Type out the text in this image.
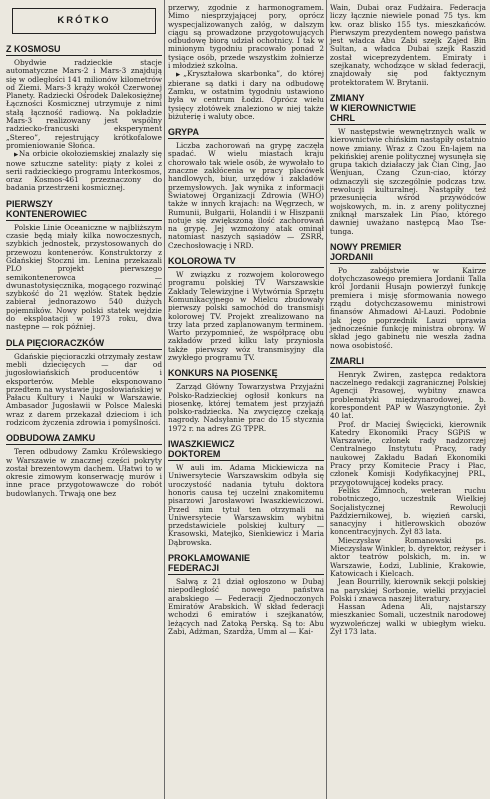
KRÓTKO
Z KOSMOSU

Obydwie radzieckie stacje automatyczne Mars-2 i Mars-3 znajdują się w odległości 141 milionów kilometrów od Ziemi. Mars-3 krąży wokół Czerwonej Planety. Radziecki Ośrodek Dalekosiężnej Łączności Kosmicznej utrzymuje z nimi stałą łączność radiową. Na pokładzie Mars-3 realizowany jest wspólny radziecko-francuski eksperyment „Stereo”, rejestrujący krótkofalowe promieniowanie Słońca.

▶ Na orbicie okołoziemskiej znalazły się nowe sztuczne satelity: piąty z kolei z serii radzieckiego programu Interkosmos, oraz Kosmos-461 przeznaczony do badania przestrzeni kosmicznej.

PIERWSZY
KONTENEROWIEC

Polskie Linie Oceaniczne w najbliższym czasie będą miały kilka nowoczesnych, szybkich jednostek, przystosowanych do przewozu kontenerów. Konstruktorzy z Gdańskiej Stoczni im. Lenina przekazali PLO projekt pierwszego semikontenerowca — dwunastotysięcznika, mogącego rozwinąć szybkość do 21 węzłów. Statek będzie zabierał jednorazowo 540 dużych pojemników. Nowy polski statek wejdzie do eksploatacji w 1973 roku, dwa następne — rok później.

DLA PIĘCIORACZKÓW

Gdańskie pięcioraczki otrzymały zestaw mebli dziecięcych — dar od jugosłowiańskich producentów i eksporterów. Meble eksponowano przedtem na wystawie jugosłowiańskiej w Pałacu Kultury i Nauki w Warszawie. Ambasador Jugosławii w Polsce Maleski wraz z darem przekazał dzieciom i ich rodzicom życzenia zdrowia i pomyślności.

ODBUDOWA ZAMKU

Teren odbudowy Zamku Królewskiego w Warszawie w znacznej części pokryty został brezentowym dachem. Ułatwi to w okresie zimowym konserwację murów i inne prace przygotowawcze do robót budowlanych. Trwają one bez

przerwy, zgodnie z harmonogramem. Mimo niesprzyjającej pory, oprócz wyspecjalizowanych załóg, w dalszym ciągu są prowadzone przygotowujących odbudowę biorą udział ochotnicy. I tak w minionym tygodniu pracowało ponad 2 tysiące osób, przede wszystkim żołnierze i młodzież szkolna.

▶ „Kryształowa skarbonka”, do której zbierane są datki i dary na odbudowę Zamku, w ostatnim tygodniu ustawiono była w centrum Łodzi. Oprócz wielu tysięcy złotówek znaleziono w niej także biżuterię i waluty obce.

GRYPA

Liczba zachorowań na grypę zaczęła spadać. W wielu miastach kraju chorowało tak wiele osób, że wywołało to znaczne zakłócenia w pracy placówek handlowych, biur, urzędów i zakładów przemysłowych. Jak wynika z informacji Światowej Organizacji Zdrowia (WHO) także w innych krajach: na Węgrzech, w Rumunii, Bułgarii, Holandii i w Hiszpanii notuje się zwiększoną ilość zachorowań na grypę. Jej wzmożony atak ominął natomiast naszych sąsiadów — ZSRR, Czechosłowację i NRD.

KOLOROWA TV

W związku z rozwojem kolorowego programu polskiej TV Warszawskie Zakłady Telewizyjne i Wytwórnia Sprzętu Komunikacyjnego w Mielcu zbudowały pierwszy polski samochód do transmisji kolorowej TV. Projekt zrealizowano na trzy lata przed zaplanowanym terminem. Warto przypomnieć, że współpracę obu zakładów przed kilku laty przyniosła także pierwszy wóz transmisyjny dla zwykłego programu TV.

KONKURS NA PIOSENKĘ

Zarząd Główny Towarzystwa Przyjaźni Polsko-Radzieckiej ogłosił konkurs na piosenkę, której tematem jest przyjaźń polsko-radziecka. Na zwycięzcę czekają nagrody. Nadsyłanie prac do 15 stycznia 1972 r. na adres ZG TPPR.

IWASZKIEWICZ
DOKTOREM

W auli im. Adama Mickiewicza na Uniwersytecie Warszawskim odbyła się uroczystość nadania tytułu doktora honoris causa tej uczelni znakomitemu pisarzowi Jarosławowi Iwaszkiewiczowi. Przed nim tytuł ten otrzymali na Uniwersytecie Warszawskim wybitni przedstawiciele polskiej kultury — Krasowski, Matejko, Sienkiewicz i Maria Dąbrowska.

PROKLAMOWANIE
FEDERACJI

Salwą z 21 dział ogłoszono w Dubaj niepodległość nowego państwa arabskiego — Federacji Zjednoczonych Emiratów Arabskich. W skład federacji wchodzi 6 emiratów i szejkanatów, leżących nad Zatoką Perską. Są to: Abu Zabi, Adżman, Szardża, Umm al — Kai-

Wain, Dubai oraz Fudżaira. Federacja liczy łącznie niewiele ponad 75 tys. km kw. oraz blisko 155 tys. mieszkańców. Pierwszym prezydentem nowego państwa jest władca Abu Zabi szejk Zajed Bin Sultan, a władca Dubai szejk Raszid został wiceprezydentem. Emiraty i szejkanaty, wchodzące w skład federacji, znajdowały się pod faktycznym protektoratem W. Brytanii.

ZMIANY
W KIEROWNICTWIE
CHRL

W następstwie wewnętrznych walk w kierownictwie chińskim nastąpiły ostatnio nowe zmiany. Wraz z Czou En-lajem na pekińskiej arenie politycznej wysunęła się grupa takich działaczy jak Cian Cing, Jao Wenjuan, Czang Czun-ciao, którzy odznaczyli się szczególnie podczas tzw. rewolucji kulturalnej. Nastąpiły też przesunięcia wśród przywódców wojskowych, m. in. z areny politycznej zniknął marszałek Lin Piao, którego dawniej uważano następcą Mao Tse-tunga.

NOWY PREMIER
JORDANII

Po zabójstwie w Kairze dotychczasowego premiera Jordanii Talla król Jordanii Husajn powierzył funkcję premiera i misję sformowania nowego rządu dotychczasowemu ministrowi finansów Ahmadowi Al-Lauzi. Podobnie jak jego poprzednik Lauzi uprawia jednocześnie funkcję ministra obrony. W skład jego gabinetu nie weszła żadna nowa osobistość.

ZMARLI

Henryk Zwiren, zastępca redaktora naczelnego redakcji zagranicznej Polskiej Agencji Prasowej, wybitny znawca problematyki międzynarodowej, b. korespondent PAP w Waszyngtonie. Żył 40 lat.

Prof. dr Maciej Święcicki, kierownik Katedry Ekonomiki Pracy SGPiS w Warszawie, członek rady nadzorczej Centralnego Instytutu Pracy, rady naukowej Zakładu Badań Ekonomiki Pracy przy Komitecie Pracy i Płac, członek Komisji Kodyfikacyjnej PRL, przygotowującej kodeks pracy.

Feliks Zimnoch, weteran ruchu robotniczego, uczestnik Wielkiej Socjalistycznej Rewolucji Październikowej, b. więzień carski, sanacyjny i hitlerowskich obozów koncentracyjnych. Żył 83 lata.

Mieczysław Romanowski ps. Mieczysław Winkler, b. dyrektor, reżyser i aktor teatrów polskich, m. in. w Warszawie, Łodzi, Lublinie, Krakowie, Katowicach i Kielcach.

Jean Bourrilly, kierownik sekcji polskiej na paryskiej Sorbonie, wielki przyjaciel Polski i znawca naszej literatury.

Hassan Adena Ali, najstarszy mieszkaniec Somali, uczestnik narodowej wyzwoleńczej walki w ubiegłym wieku. Żył 173 lata.
